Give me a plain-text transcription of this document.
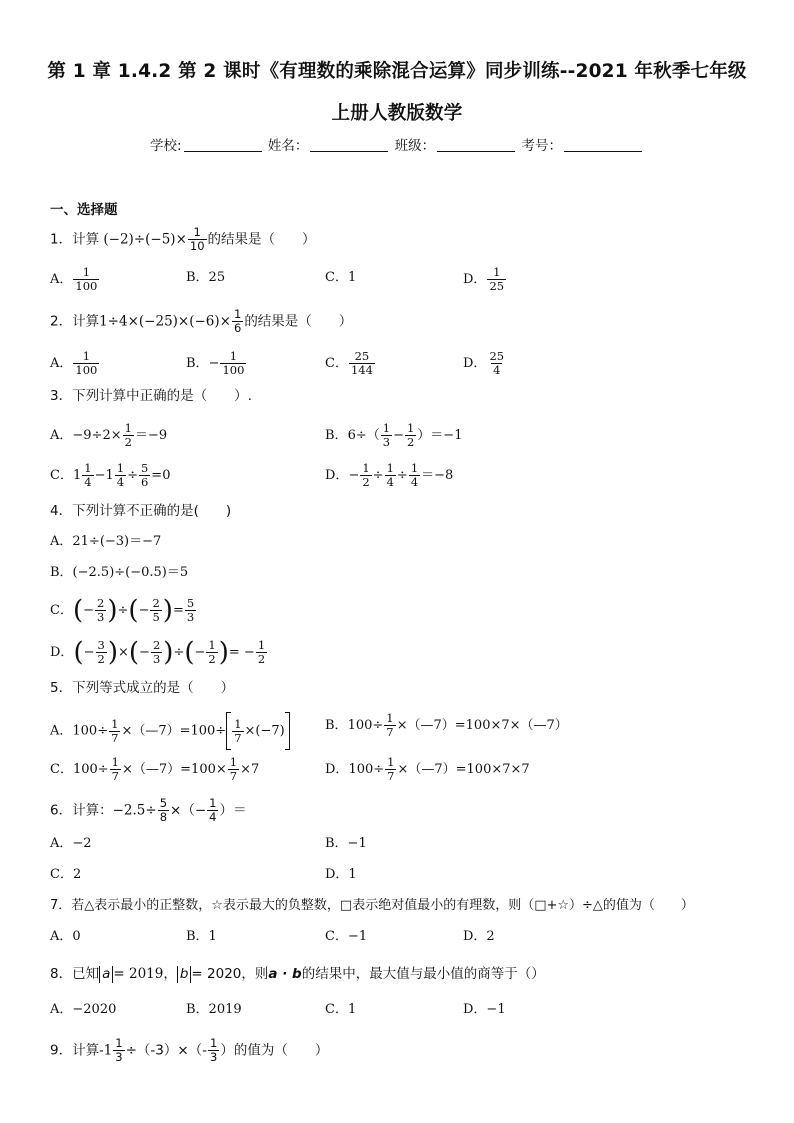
第 1 章 1.4.2 第 2 课时《有理数的乘除混合运算》同步训练--2021 年秋季七年级
上册人教版数学
学校:	姓名：	班级：	考号：
一、选择题
1．计算 $(-2)\div(-5)\times \frac{1}{10}$ 的结果是（　　）
A． $\frac{1}{100}$	B．25	C．1	D． $\frac{1}{25}$
2．计算$1\div 4\times(-25)\times(-6)\times \frac{1}{6}$ 的结果是（　　）
A． $\frac{1}{100}$	B．− $\frac{1}{100}$	C． $\frac{25}{144}$	D． $\frac{25}{4}$
3．下列计算中正确的是（　　）.
A．$-9\div 2\times \frac{1}{2} =-9$	B．$6\div( \frac{1}{3} - \frac{1}{2} )=-1$
C．$1 \frac{1}{4} -1 \frac{1}{4} \div \frac{5}{6} =0$	D．− $\frac{1}{2} \div \frac{1}{4} \div \frac{1}{4} =-8$
4．下列计算不正确的是(　　)
A．21÷(−3)＝−7
B．(−2.5)÷(−0.5)＝5
C．(− $\frac{2}{3}$ )÷(− $\frac{2}{5}$ )= $\frac{5}{3}$
D．(− $\frac{3}{2}$ )×(− $\frac{2}{3}$ )÷(− $\frac{1}{2}$ )= − $\frac{1}{2}$
5．下列等式成立的是（　　）
A．$100\div \frac{1}{7}$ ×（—7）=100÷ $\frac{1}{7} \times(-7)$	B．$100\div \frac{1}{7}$ ×（—7）=100×7×（—7）
C．$100\div \frac{1}{7}$ ×（—7）=100× $\frac{1}{7} \times 7$	D．$100\div \frac{1}{7}$ ×（—7）=100×7×7
6．计算：$-2.5\div \frac{5}{8}$ ×（− $\frac{1}{4}$ ）＝
A．−2	B．−1
C．2	D．1
7．若△表示最小的正整数，☆表示最大的负整数，□表示绝对值最小的有理数，则（□+☆）÷△的值为（　　）
A．0	B．1	C．−1	D．2
8．已知 a = 2019， b = 2020，则a · b的结果中，最大值与最小值的商等于（）
A．−2020	B．2019	C．1	D．−1
9．计算$-1 \frac{1}{3} \div(-3)\times(- \frac{1}{3}$ ）的值为（　　）
